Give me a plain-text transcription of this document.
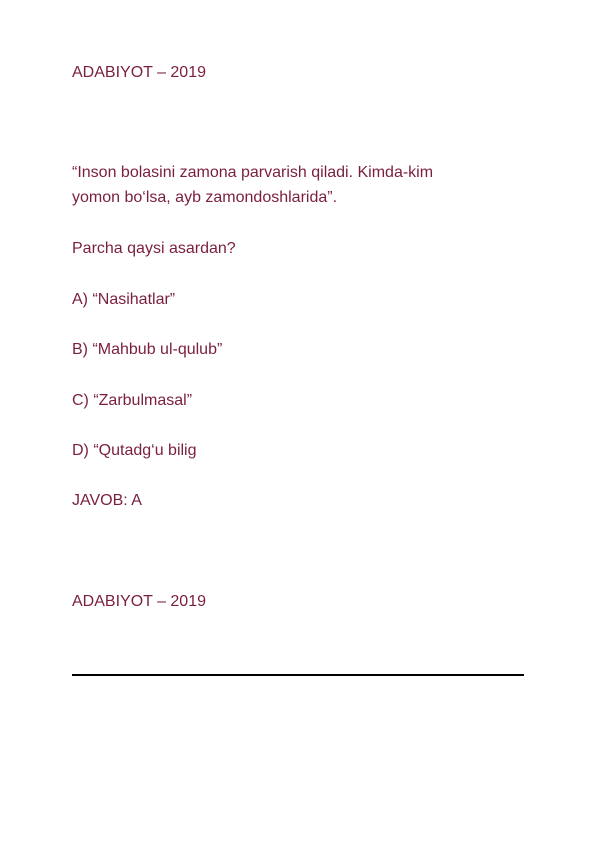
ADABIYOT – 2019
“Inson bolasini zamona parvarish qiladi. Kimda-kim
yomon bo‘lsa, ayb zamondoshlarida”.
Parcha qaysi asardan?
A) “Nasihatlar”
B) “Mahbub ul-qulub”
C) “Zarbulmasal”
D) “Qutadg‘u bilig
JAVOB: A
ADABIYOT – 2019
